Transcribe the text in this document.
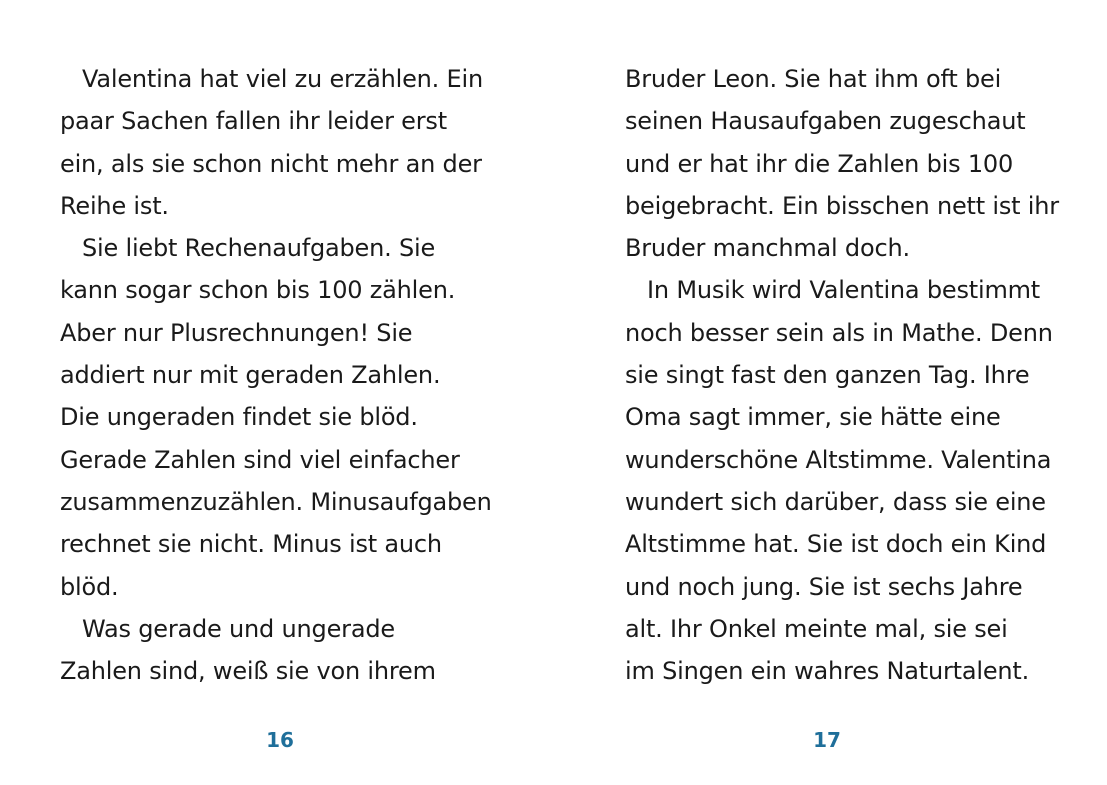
Valentina hat viel zu erzählen. Ein
paar Sachen fallen ihr leider erst
ein, als sie schon nicht mehr an der
Reihe ist.
Sie liebt Rechenaufgaben. Sie
kann sogar schon bis 100 zählen.
Aber nur Plusrechnungen! Sie
addiert nur mit geraden Zahlen.
Die ungeraden findet sie blöd.
Gerade Zahlen sind viel einfacher
zusammenzuzählen. Minusaufgaben
rechnet sie nicht. Minus ist auch
blöd.
Was gerade und ungerade
Zahlen sind, weiß sie von ihrem
16
Bruder Leon. Sie hat ihm oft bei
seinen Hausaufgaben zugeschaut
und er hat ihr die Zahlen bis 100
beigebracht. Ein bisschen nett ist ihr
Bruder manchmal doch.
In Musik wird Valentina bestimmt
noch besser sein als in Mathe. Denn
sie singt fast den ganzen Tag. Ihre
Oma sagt immer, sie hätte eine
wunderschöne Altstimme. Valentina
wundert sich darüber, dass sie eine
Altstimme hat. Sie ist doch ein Kind
und noch jung. Sie ist sechs Jahre
alt. Ihr Onkel meinte mal, sie sei
im Singen ein wahres Naturtalent.
17
